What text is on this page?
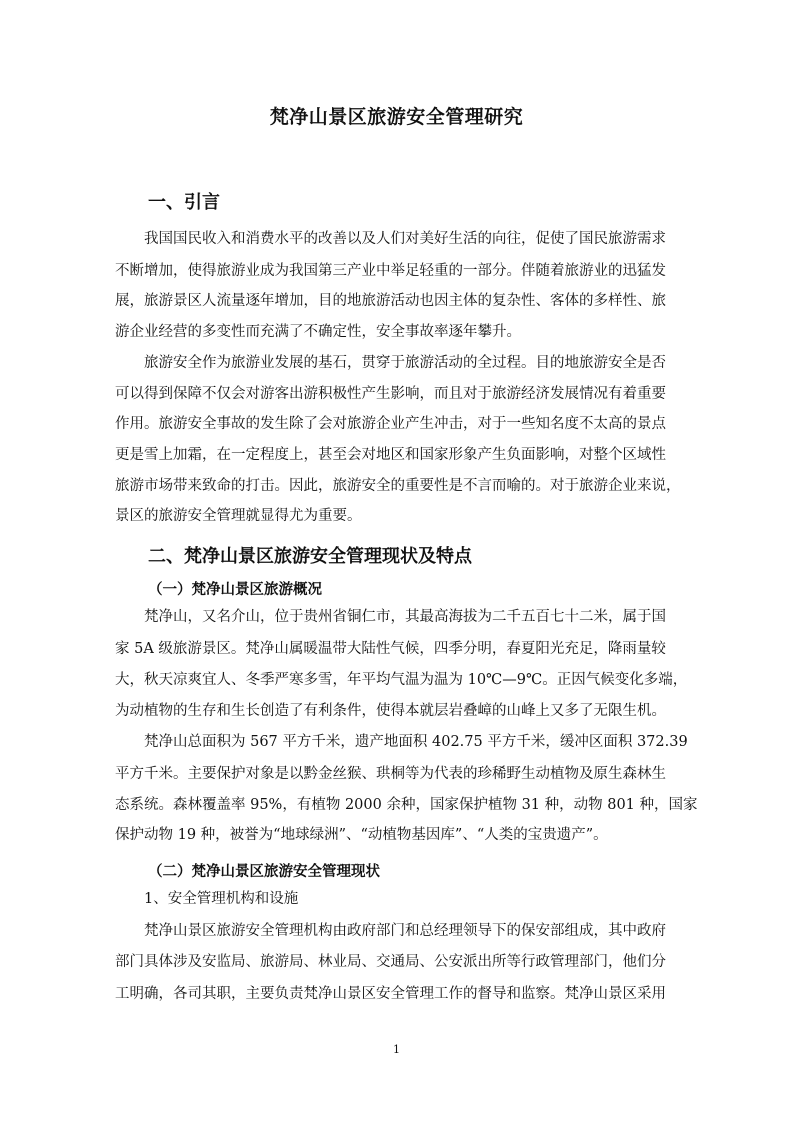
梵净山景区旅游安全管理研究
一、引言

我国国民收入和消费水平的改善以及人们对美好生活的向往，促使了国民旅游需求

不断增加，使得旅游业成为我国第三产业中举足轻重的一部分。伴随着旅游业的迅猛发

展，旅游景区人流量逐年增加，目的地旅游活动也因主体的复杂性、客体的多样性、旅

游企业经营的多变性而充满了不确定性，安全事故率逐年攀升。

旅游安全作为旅游业发展的基石，贯穿于旅游活动的全过程。目的地旅游安全是否

可以得到保障不仅会对游客出游积极性产生影响，而且对于旅游经济发展情况有着重要

作用。旅游安全事故的发生除了会对旅游企业产生冲击，对于一些知名度不太高的景点

更是雪上加霜，在一定程度上，甚至会对地区和国家形象产生负面影响，对整个区域性

旅游市场带来致命的打击。因此，旅游安全的重要性是不言而喻的。对于旅游企业来说，

景区的旅游安全管理就显得尤为重要。

二、梵净山景区旅游安全管理现状及特点
（一）梵净山景区旅游概况

梵净山，又名介山，位于贵州省铜仁市，其最高海拔为二千五百七十二米，属于国

家 5A 级旅游景区。梵净山属暖温带大陆性气候，四季分明，春夏阳光充足，降雨量较

大，秋天凉爽宜人、冬季严寒多雪，年平均气温为温为 10℃—9℃。正因气候变化多端，

为动植物的生存和生长创造了有利条件，使得本就层岩叠嶂的山峰上又多了无限生机。

梵净山总面积为 567 平方千米，遗产地面积 402.75 平方千米，缓冲区面积 372.39

平方千米。主要保护对象是以黔金丝猴、珙桐等为代表的珍稀野生动植物及原生森林生

态系统。森林覆盖率 95%，有植物 2000 余种，国家保护植物 31 种，动物 801 种，国家

保护动物 19 种，被誉为“地球绿洲”、“动植物基因库”、“人类的宝贵遗产”。

（二）梵净山景区旅游安全管理现状

1、安全管理机构和设施

梵净山景区旅游安全管理机构由政府部门和总经理领导下的保安部组成，其中政府

部门具体涉及安监局、旅游局、林业局、交通局、公安派出所等行政管理部门，他们分

工明确，各司其职，主要负责梵净山景区安全管理工作的督导和监察。梵净山景区采用

1
